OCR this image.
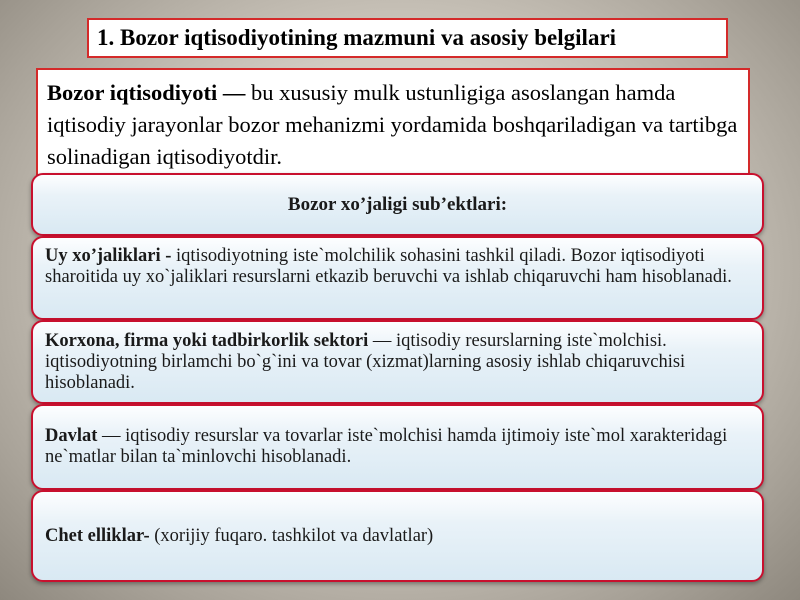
1. Bozor iqtisodiyotining mazmuni va asosiy belgilari
Bozor iqtisodiyoti — bu xususiy mulk ustunligiga asoslangan hamda iqtisodiy jarayonlar bozor mehanizmi yordamida boshqariladigan va tartibga solinadigan iqtisodiyotdir.
Bozor xo’jaligi sub’ektlari:
Uy xo’jaliklari - iqtisodiyotning iste`molchilik sohasini tashkil qiladi. Bozor iqtisodiyoti sharoitida uy xo`jaliklari resurslarni etkazib beruvchi va ishlab chiqaruvchi ham hisoblanadi.
Korxona, firma yoki tadbirkorlik sektori — iqtisodiy resurslarning iste`molchisi. iqtisodiyotning birlamchi bo`g`ini va tovar (xizmat)larning asosiy ishlab chiqaruvchisi hisoblanadi.
Davlat — iqtisodiy resurslar va tovarlar iste`molchisi hamda ijtimoiy iste`mol xarakteridagi ne`matlar bilan ta`minlovchi hisoblanadi.
Chet elliklar- (xorijiy fuqaro. tashkilot va davlatlar)
